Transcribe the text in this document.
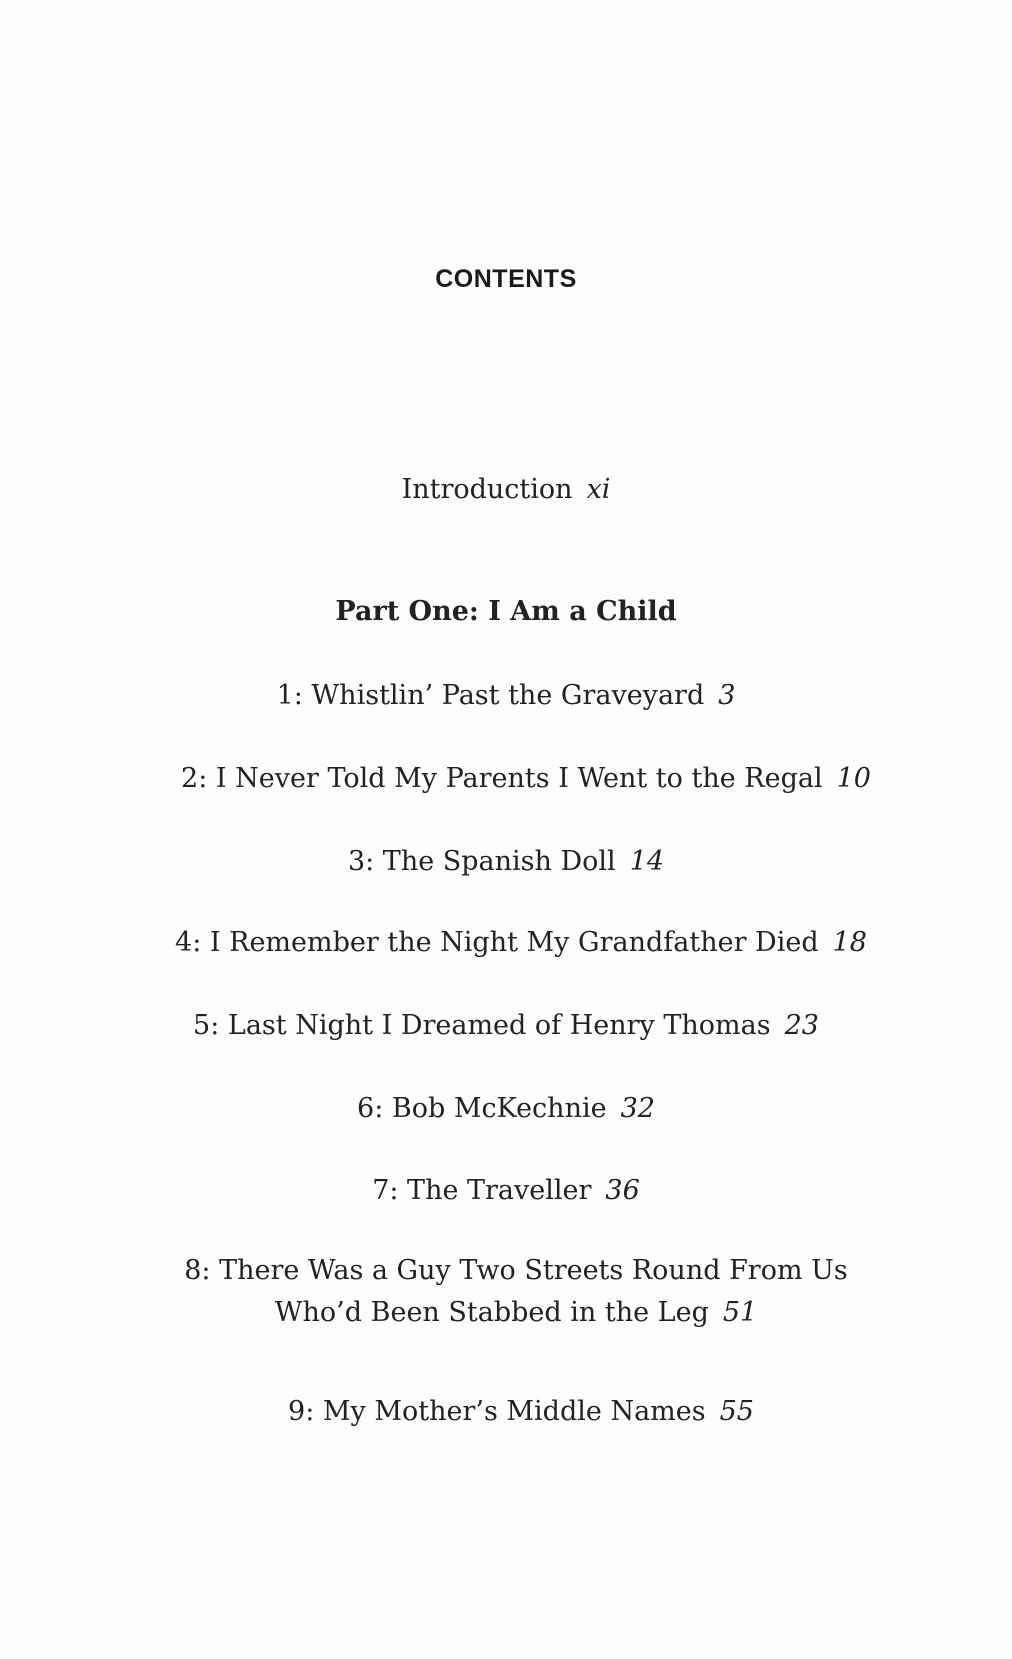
CONTENTS
Introduction xi
Part One: I Am a Child
1: Whistlin’ Past the Graveyard 3
2: I Never Told My Parents I Went to the Regal 10
3: The Spanish Doll 14
4: I Remember the Night My Grandfather Died 18
5: Last Night I Dreamed of Henry Thomas 23
6: Bob McKechnie 32
7: The Traveller 36
8: There Was a Guy Two Streets Round From Us
Who’d Been Stabbed in the Leg 51
9: My Mother’s Middle Names 55
